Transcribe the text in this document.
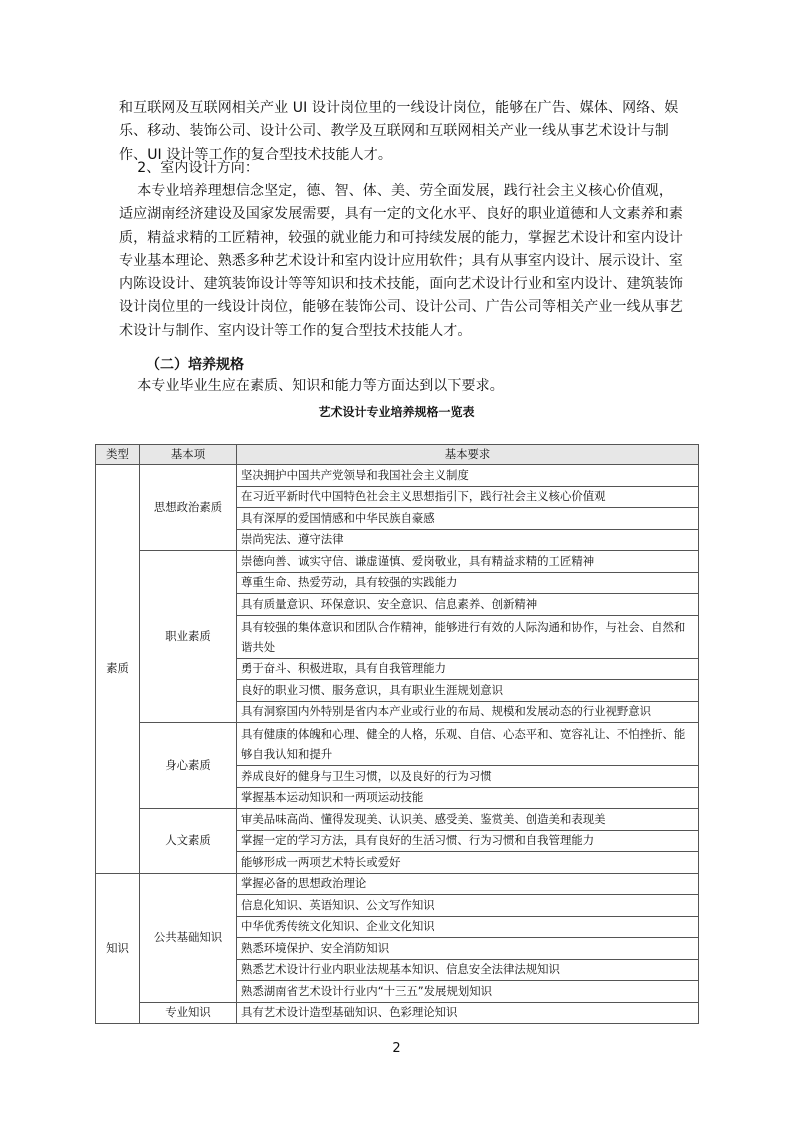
和互联网及互联网相关产业 UI 设计岗位里的一线设计岗位，能够在广告、媒体、网络、娱乐、移动、装饰公司、设计公司、教学及互联网和互联网相关产业一线从事艺术设计与制作、UI 设计等工作的复合型技术技能人才。

2、室内设计方向：

本专业培养理想信念坚定，德、智、体、美、劳全面发展，践行社会主义核心价值观，适应湖南经济建设及国家发展需要，具有一定的文化水平、良好的职业道德和人文素养和素质，精益求精的工匠精神，较强的就业能力和可持续发展的能力，掌握艺术设计和室内设计专业基本理论、熟悉多种艺术设计和室内设计应用软件；具有从事室内设计、展示设计、室内陈设设计、建筑装饰设计等等知识和技术技能，面向艺术设计行业和室内设计、建筑装饰设计岗位里的一线设计岗位，能够在装饰公司、设计公司、广告公司等相关产业一线从事艺术设计与制作、室内设计等工作的复合型技术技能人才。

（二）培养规格

本专业毕业生应在素质、知识和能力等方面达到以下要求。

艺术设计专业培养规格一览表

类型	基本项	基本要求
素质	思想政治素质	坚决拥护中国共产党领导和我国社会主义制度
		在习近平新时代中国特色社会主义思想指引下，践行社会主义核心价值观
		具有深厚的爱国情感和中华民族自豪感
		崇尚宪法、遵守法律
	职业素质	崇德向善、诚实守信、谦虚谨慎、爱岗敬业，具有精益求精的工匠精神
		尊重生命、热爱劳动，具有较强的实践能力
		具有质量意识、环保意识、安全意识、信息素养、创新精神
		具有较强的集体意识和团队合作精神，能够进行有效的人际沟通和协作，与社会、自然和谐共处
		勇于奋斗、积极进取，具有自我管理能力
		良好的职业习惯、服务意识，具有职业生涯规划意识
		具有洞察国内外特别是省内本产业或行业的布局、规模和发展动态的行业视野意识
	身心素质	具有健康的体魄和心理、健全的人格，乐观、自信、心态平和、宽容礼让、不怕挫折、能够自我认知和提升
		养成良好的健身与卫生习惯，以及良好的行为习惯
		掌握基本运动知识和一两项运动技能
	人文素质	审美品味高尚、懂得发现美、认识美、感受美、鉴赏美、创造美和表现美
		掌握一定的学习方法，具有良好的生活习惯、行为习惯和自我管理能力
		能够形成一两项艺术特长或爱好
知识	公共基础知识	掌握必备的思想政治理论
		信息化知识、英语知识、公文写作知识
		中华优秀传统文化知识、企业文化知识
		熟悉环境保护、安全消防知识
		熟悉艺术设计行业内职业法规基本知识、信息安全法律法规知识
		熟悉湖南省艺术设计行业内“十三五”发展规划知识
	专业知识	具有艺术设计造型基础知识、色彩理论知识

2
